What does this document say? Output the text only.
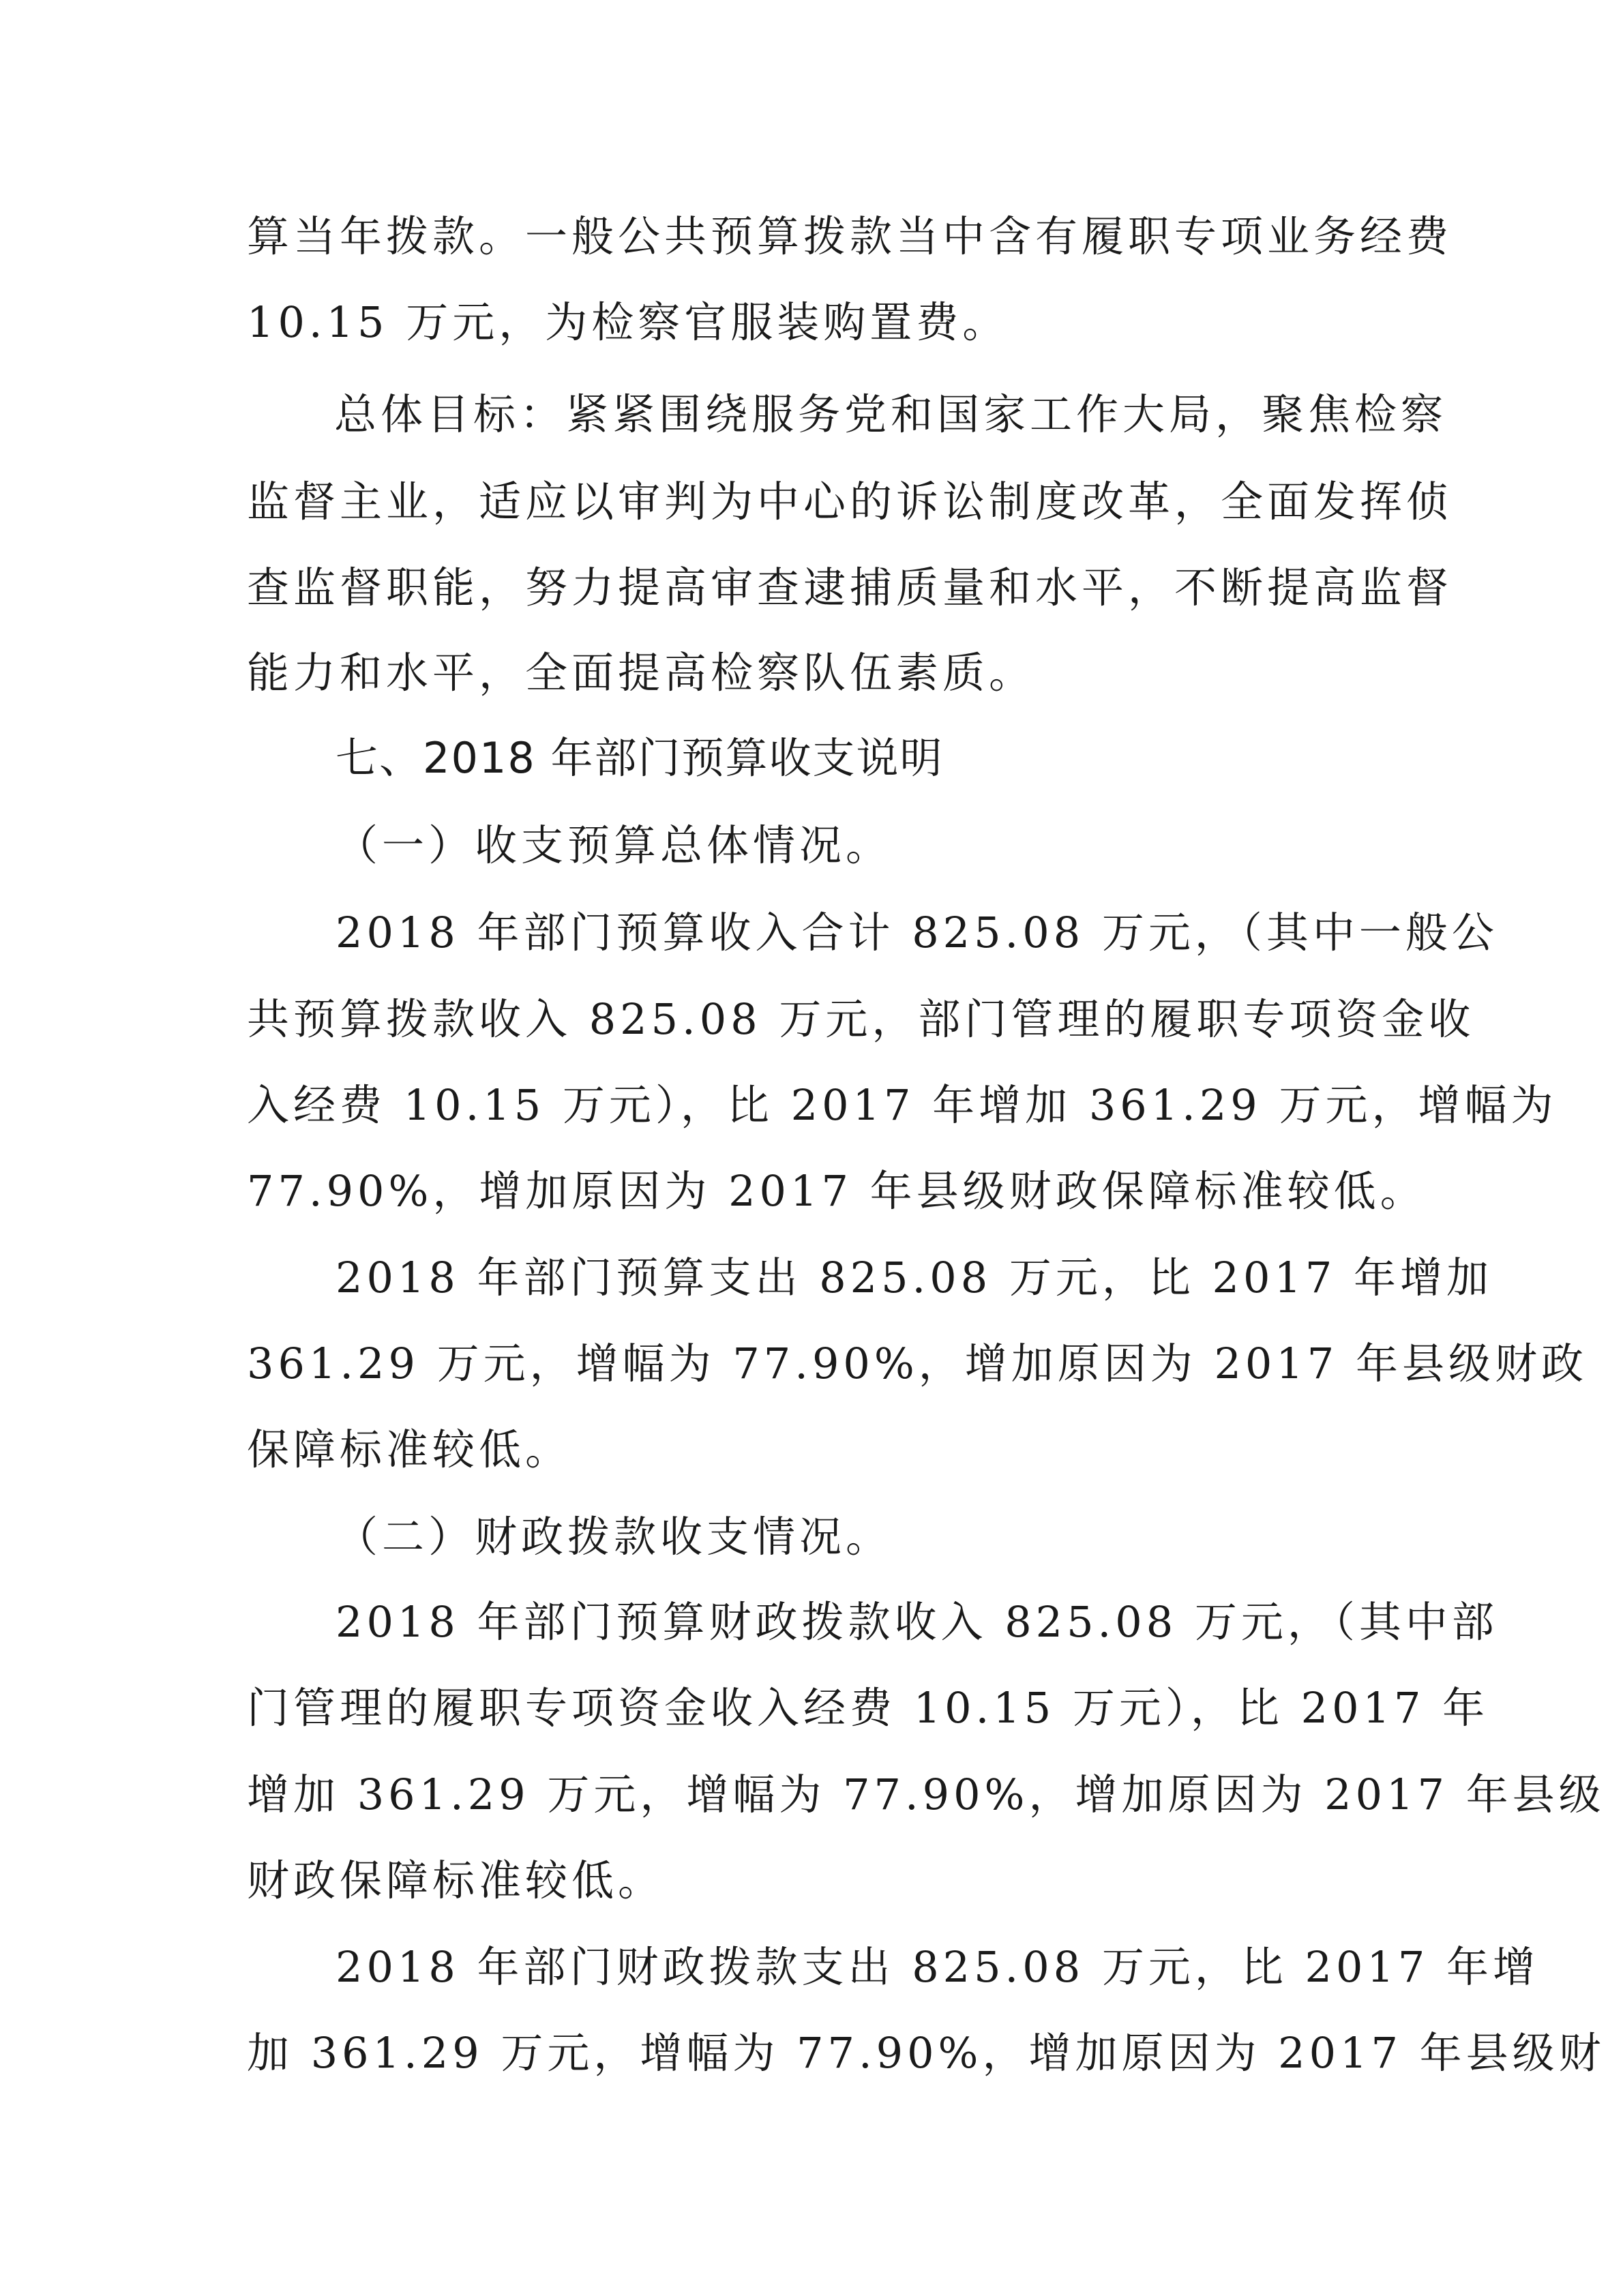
算当年拨款。一般公共预算拨款当中含有履职专项业务经费
10.15 万元，为检察官服装购置费。
总体目标：紧紧围绕服务党和国家工作大局，聚焦检察
监督主业，适应以审判为中心的诉讼制度改革，全面发挥侦
查监督职能，努力提高审查逮捕质量和水平，不断提高监督
能力和水平，全面提高检察队伍素质。
七、2018 年部门预算收支说明
（一）收支预算总体情况。
2018 年部门预算收入合计 825.08 万元，（其中一般公
共预算拨款收入 825.08 万元，部门管理的履职专项资金收
入经费 10.15 万元），比 2017 年增加 361.29 万元，增幅为
77.90%，增加原因为 2017 年县级财政保障标准较低。
2018 年部门预算支出 825.08 万元，比 2017 年增加
361.29 万元，增幅为 77.90%，增加原因为 2017 年县级财政
保障标准较低。
（二）财政拨款收支情况。
2018 年部门预算财政拨款收入 825.08 万元，（其中部
门管理的履职专项资金收入经费 10.15 万元），比 2017 年
增加 361.29 万元，增幅为 77.90%，增加原因为 2017 年县级
财政保障标准较低。
2018 年部门财政拨款支出 825.08 万元，比 2017 年增
加 361.29 万元，增幅为 77.90%，增加原因为 2017 年县级财
